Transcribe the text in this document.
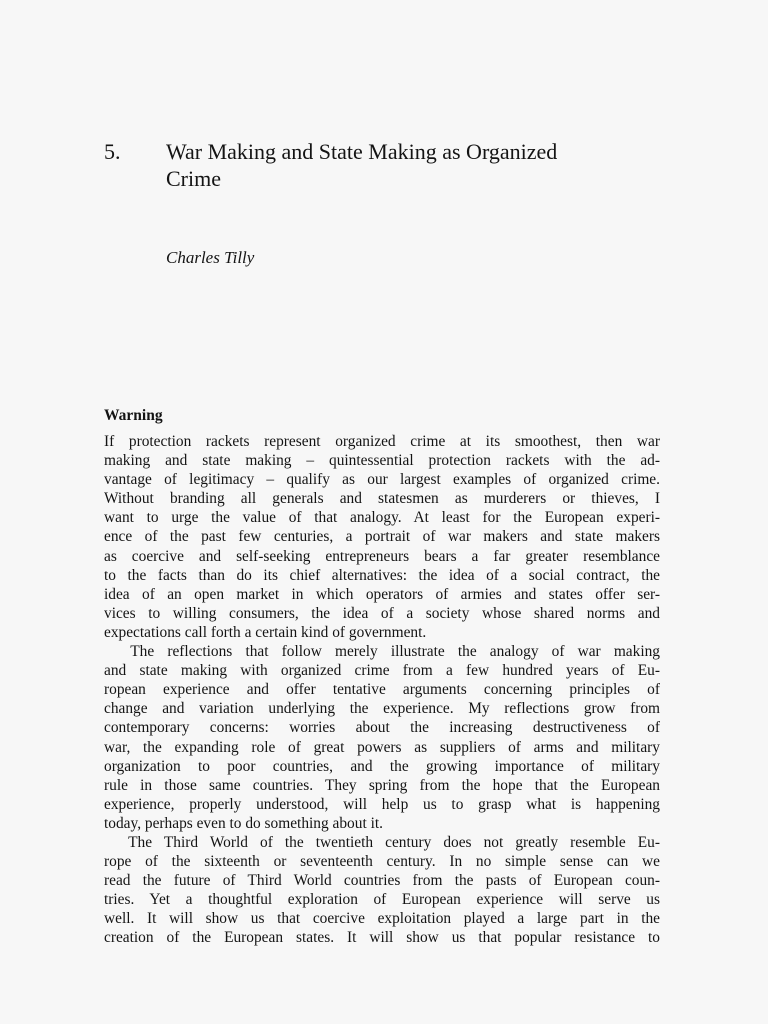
5. War Making and State Making as Organized
Crime
Charles Tilly
Warning
If protection rackets represent organized crime at its smoothest, then war
making and state making – quintessential protection rackets with the ad-
vantage of legitimacy – qualify as our largest examples of organized crime.
Without branding all generals and statesmen as murderers or thieves, I
want to urge the value of that analogy. At least for the European experi-
ence of the past few centuries, a portrait of war makers and state makers
as coercive and self-seeking entrepreneurs bears a far greater resemblance
to the facts than do its chief alternatives: the idea of a social contract, the
idea of an open market in which operators of armies and states offer ser-
vices to willing consumers, the idea of a society whose shared norms and
expectations call forth a certain kind of government.
The reflections that follow merely illustrate the analogy of war making
and state making with organized crime from a few hundred years of Eu-
ropean experience and offer tentative arguments concerning principles of
change and variation underlying the experience. My reflections grow from
contemporary concerns: worries about the increasing destructiveness of
war, the expanding role of great powers as suppliers of arms and military
organization to poor countries, and the growing importance of military
rule in those same countries. They spring from the hope that the European
experience, properly understood, will help us to grasp what is happening
today, perhaps even to do something about it.
The Third World of the twentieth century does not greatly resemble Eu-
rope of the sixteenth or seventeenth century. In no simple sense can we
read the future of Third World countries from the pasts of European coun-
tries. Yet a thoughtful exploration of European experience will serve us
well. It will show us that coercive exploitation played a large part in the
creation of the European states. It will show us that popular resistance to
